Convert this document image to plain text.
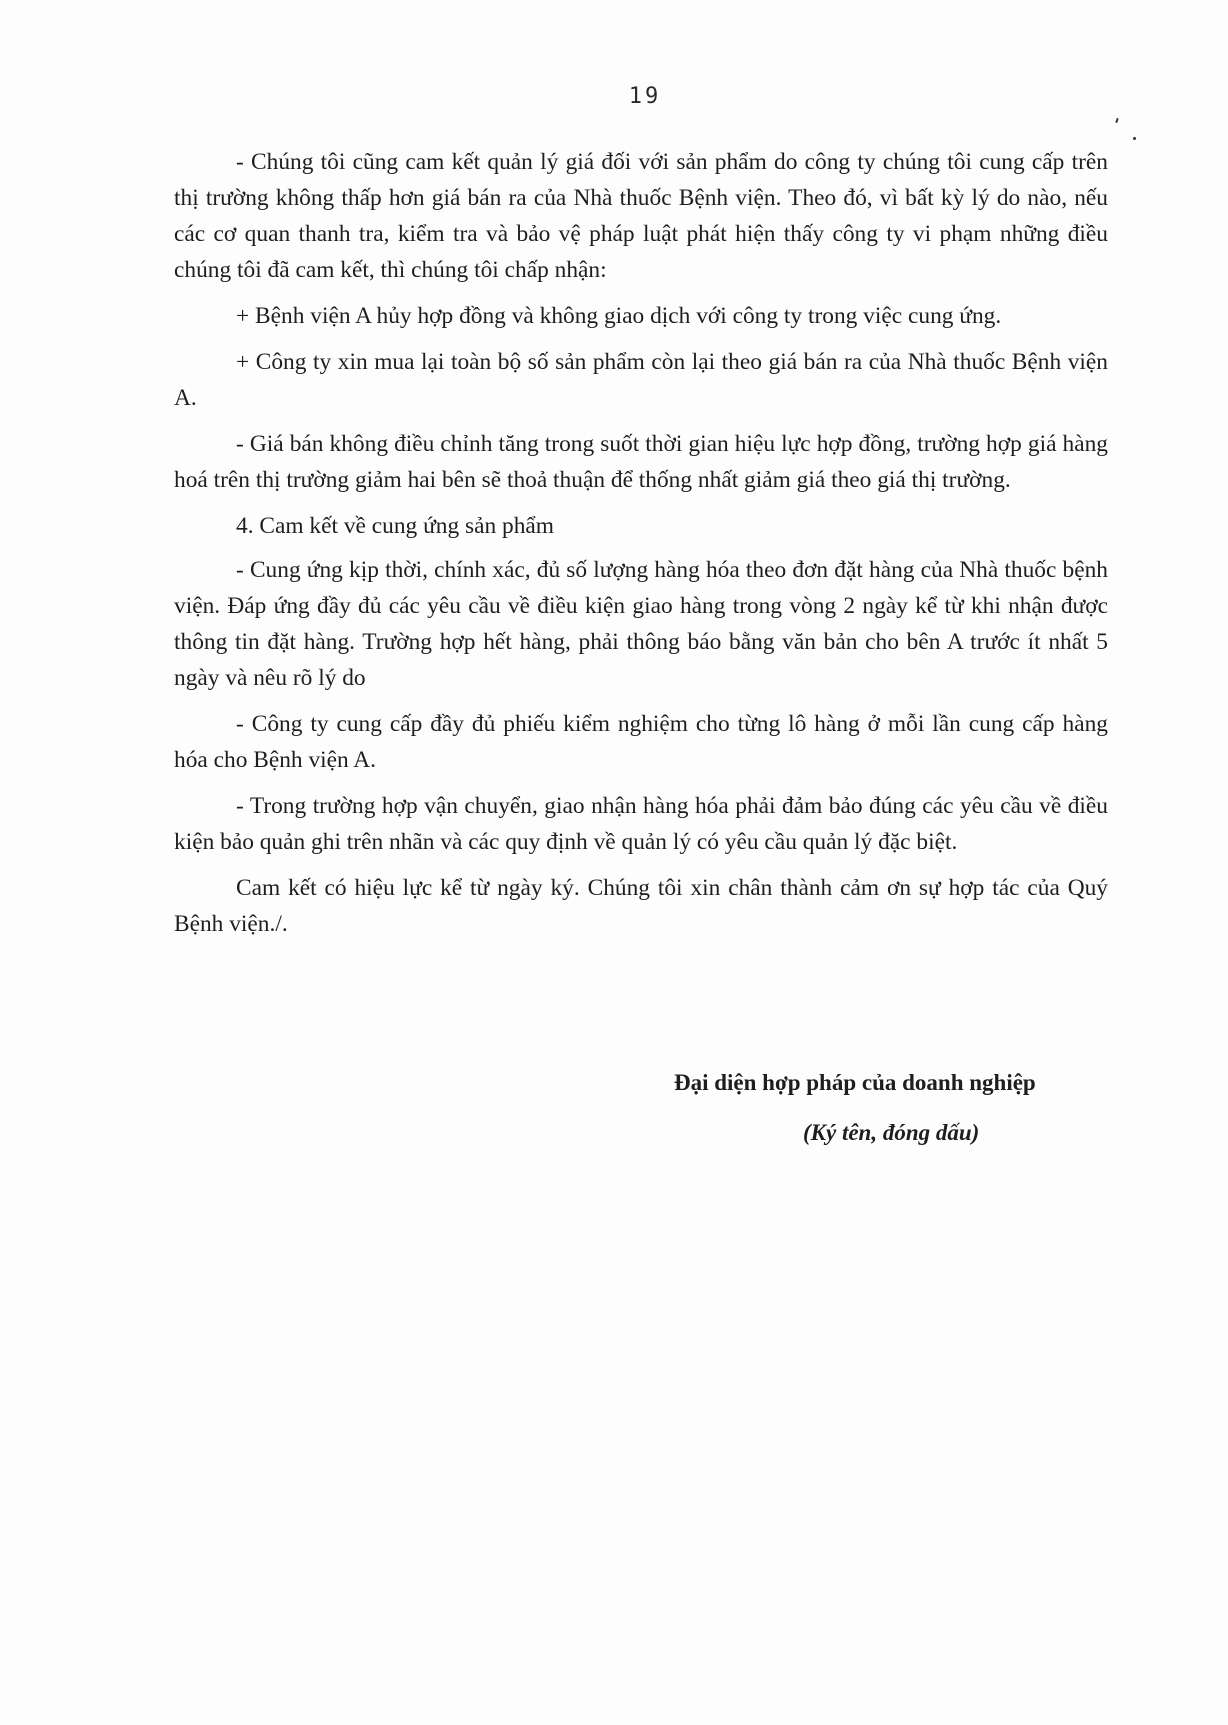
19

- Chúng tôi cũng cam kết quản lý giá đối với sản phẩm do công ty chúng tôi cung cấp trên thị trường không thấp hơn giá bán ra của Nhà thuốc Bệnh viện. Theo đó, vì bất kỳ lý do nào, nếu các cơ quan thanh tra, kiểm tra và bảo vệ pháp luật phát hiện thấy công ty vi phạm những điều chúng tôi đã cam kết, thì chúng tôi chấp nhận:

+ Bệnh viện A hủy hợp đồng và không giao dịch với công ty trong việc cung ứng.

+ Công ty xin mua lại toàn bộ số sản phẩm còn lại theo giá bán ra của Nhà thuốc Bệnh viện A.

- Giá bán không điều chỉnh tăng trong suốt thời gian hiệu lực hợp đồng, trường hợp giá hàng hoá trên thị trường giảm hai bên sẽ thoả thuận để thống nhất giảm giá theo giá thị trường.

4. Cam kết về cung ứng sản phẩm

- Cung ứng kịp thời, chính xác, đủ số lượng hàng hóa theo đơn đặt hàng của Nhà thuốc bệnh viện. Đáp ứng đầy đủ các yêu cầu về điều kiện giao hàng trong vòng 2 ngày kể từ khi nhận được thông tin đặt hàng. Trường hợp hết hàng, phải thông báo bằng văn bản cho bên A trước ít nhất 5 ngày và nêu rõ lý do

- Công ty cung cấp đầy đủ phiếu kiểm nghiệm cho từng lô hàng ở mỗi lần cung cấp hàng hóa cho Bệnh viện A.

- Trong trường hợp vận chuyển, giao nhận hàng hóa phải đảm bảo đúng các yêu cầu về điều kiện bảo quản ghi trên nhãn và các quy định về quản lý có yêu cầu quản lý đặc biệt.

Cam kết có hiệu lực kể từ ngày ký. Chúng tôi xin chân thành cảm ơn sự hợp tác của Quý Bệnh viện./.

Đại diện hợp pháp của doanh nghiệp
(Ký tên, đóng dấu)
